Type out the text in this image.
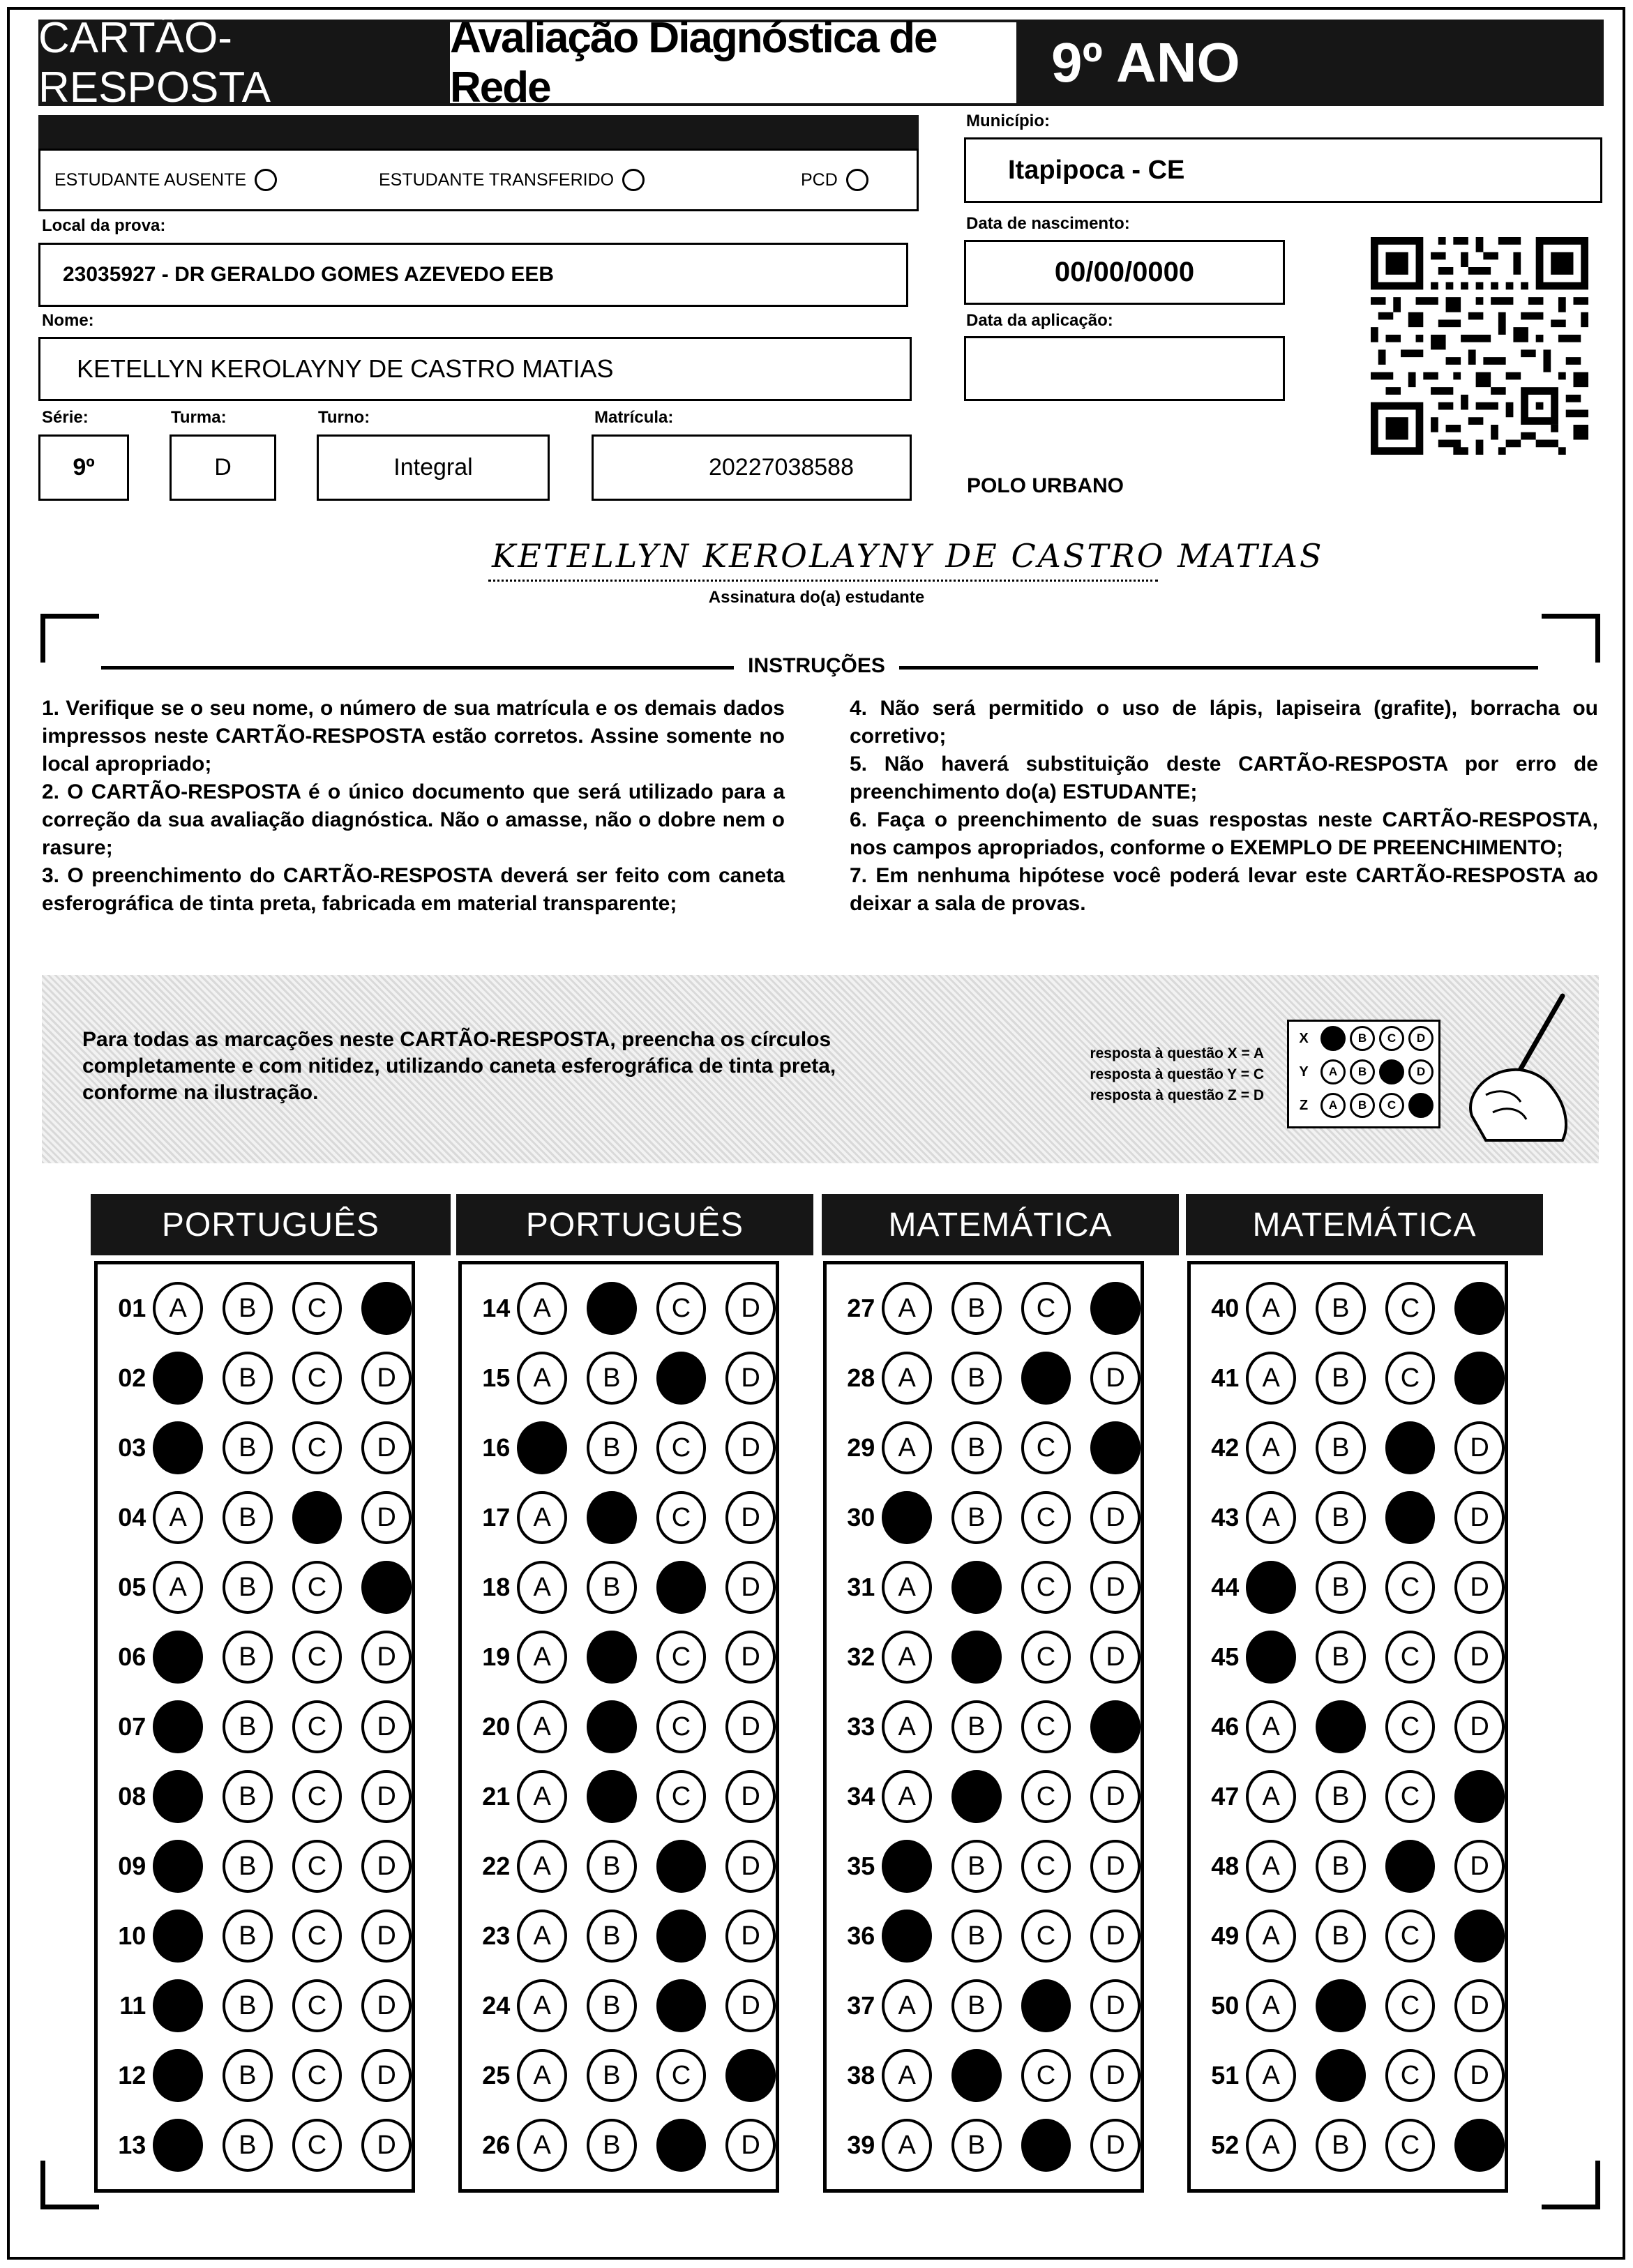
CARTÃO-RESPOSTA
Avaliação Diagnóstica de Rede	9º ANO
ESTUDANTE AUSENTE	ESTUDANTE TRANSFERIDO	PCD
Local da prova:
23035927 - DR GERALDO GOMES AZEVEDO EEB
Nome:
KETELLYN KEROLAYNY DE CASTRO MATIAS
Série:
9º
Turma:
D
Turno:
Integral
Matrícula:
20227038588
Município:
Itapipoca - CE
Data de nascimento:
00/00/0000
Data da aplicação:
POLO URBANO
KETELLYN KEROLAYNY DE CASTRO MATIAS
Assinatura do(a) estudante
INSTRUÇÕES

1. Verifique se o seu nome, o número de sua matrícula e os demais dados impressos neste CARTÃO-RESPOSTA estão corretos. Assine somente no local apropriado;

2. O CARTÃO-RESPOSTA é o único documento que será utilizado para a correção da sua avaliação diagnóstica. Não o amasse, não o dobre nem o rasure;

3. O preenchimento do CARTÃO-RESPOSTA deverá ser feito com caneta esferográfica de tinta preta, fabricada em material transparente;

4. Não será permitido o uso de lápis, lapiseira (grafite), borracha ou corretivo;

5. Não haverá substituição deste CARTÃO-RESPOSTA por erro de preenchimento do(a) ESTUDANTE;

6. Faça o preenchimento de suas respostas neste CARTÃO-RESPOSTA, nos campos apropriados, conforme o EXEMPLO DE PREENCHIMENTO;

7. Em nenhuma hipótese você poderá levar este CARTÃO-RESPOSTA ao deixar a sala de provas.

Para todas as marcações neste CARTÃO-RESPOSTA, preencha os círculos completamente e com nitidez, utilizando caneta esferográfica de tinta preta, conforme na ilustração.
resposta à questão X = A
resposta à questão Y = C
resposta à questão Z = D
X	A	B	C	D
Y	A	B	C	D
Z	A	B	C	D
PORTUGUÊS
01 A	B	C	D
02 A	B	C	D
03 A	B	C	D
04 A	B	C	D
05 A	B	C	D
06 A	B	C	D
07 A	B	C	D
08 A	B	C	D
09 A	B	C	D
10 A	B	C	D
11 A	B	C	D
12 A	B	C	D
13 A	B	C	D
PORTUGUÊS
14 A	B	C	D
15 A	B	C	D
16 A	B	C	D
17 A	B	C	D
18 A	B	C	D
19 A	B	C	D
20 A	B	C	D
21 A	B	C	D
22 A	B	C	D
23 A	B	C	D
24 A	B	C	D
25 A	B	C	D
26 A	B	C	D
MATEMÁTICA
27 A	B	C	D
28 A	B	C	D
29 A	B	C	D
30 A	B	C	D
31 A	B	C	D
32 A	B	C	D
33 A	B	C	D
34 A	B	C	D
35 A	B	C	D
36 A	B	C	D
37 A	B	C	D
38 A	B	C	D
39 A	B	C	D
MATEMÁTICA
40 A	B	C	D
41 A	B	C	D
42 A	B	C	D
43 A	B	C	D
44 A	B	C	D
45 A	B	C	D
46 A	B	C	D
47 A	B	C	D
48 A	B	C	D
49 A	B	C	D
50 A	B	C	D
51 A	B	C	D
52 A	B	C	D
